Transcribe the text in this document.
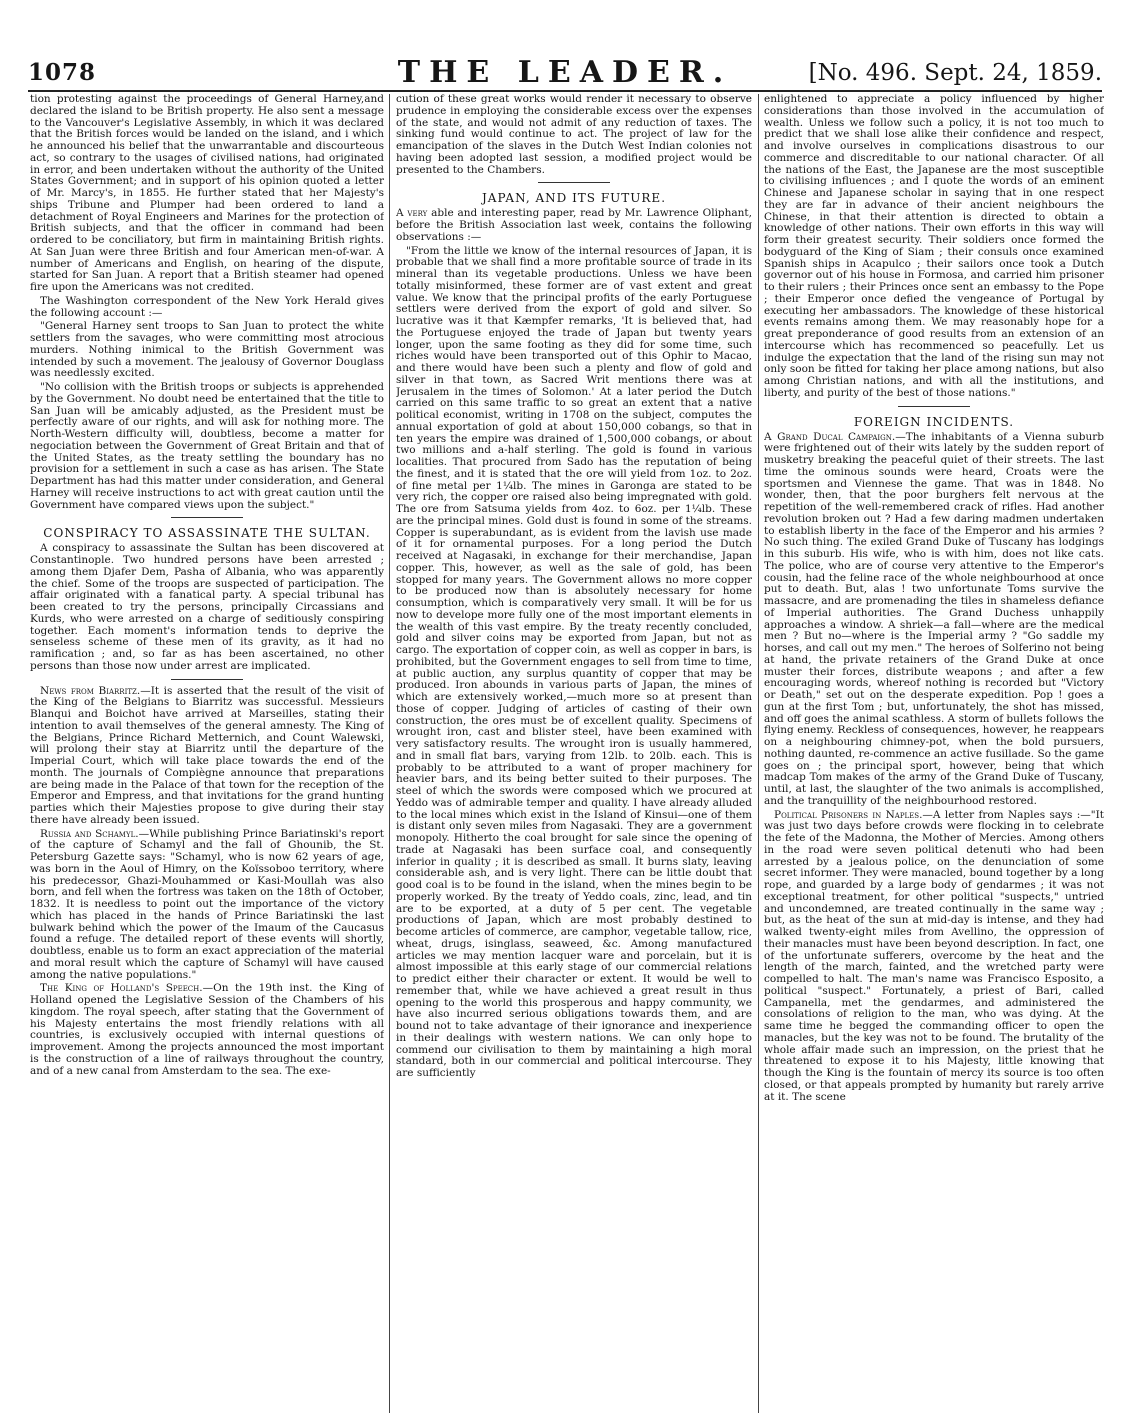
1078	THE LEADER.	[No. 496. Sept. 24, 1859.

tion protesting against the proceedings of General Harney,and declared the island to be British property. He also sent a message to the Vancouver's Legislative Assembly, in which it was declared that the British forces would be landed on the island, and i which he announced his belief that the unwarrantable and discourteous act, so contrary to the usages of civilised nations, had originated in error, and been undertaken without the authority of the United States Government; and in support of his opinion quoted a letter of Mr. Marcy's, in 1855. He further stated that her Majesty's ships Tribune and Plumper had been ordered to land a detachment of Royal Engineers and Marines for the protection of British subjects, and that the officer in command had been ordered to be conciliatory, but firm in maintaining British rights. At San Juan were three British and four American men-of-war. A number of Americans and English, on hearing of the dispute, started for San Juan. A report that a British steamer had opened fire upon the Americans was not credited.

The Washington correspondent of the New York Herald gives the following account :—

"General Harney sent troops to San Juan to protect the white settlers from the savages, who were committing most atrocious murders. Nothing inimical to the British Government was intended by such a movement. The jealousy of Governor Douglass was needlessly excited.

"No collision with the British troops or subjects is apprehended by the Government. No doubt need be entertained that the title to San Juan will be amicably adjusted, as the President must be perfectly aware of our rights, and will ask for nothing more. The North-Western difficulty will, doubtless, become a matter for negociation between the Government of Great Britain and that of the United States, as the treaty settling the boundary has no provision for a settlement in such a case as has arisen. The State Department has had this matter under consideration, and General Harney will receive instructions to act with great caution until the Government have compared views upon the subject."

CONSPIRACY TO ASSASSINATE THE SULTAN.

A conspiracy to assassinate the Sultan has been discovered at Constantinople. Two hundred persons have been arrested ; among them Djafer Dem, Pasha of Albania, who was apparently the chief. Some of the troops are suspected of participation. The affair originated with a fanatical party. A special tribunal has been created to try the persons, principally Circassians and Kurds, who were arrested on a charge of seditiously conspiring together. Each moment's information tends to deprive the senseless scheme of these men of its gravity, as it had no ramification ; and, so far as has been ascertained, no other persons than those now under arrest are implicated.

News from Biarritz.—It is asserted that the result of the visit of the King of the Belgians to Biarritz was successful. Messieurs Blanqui and Boichot have arrived at Marseilles, stating their intention to avail themselves of the general amnesty. The King of the Belgians, Prince Richard Metternich, and Count Walewski, will prolong their stay at Biarritz until the departure of the Imperial Court, which will take place towards the end of the month. The journals of Compiègne announce that preparations are being made in the Palace of that town for the reception of the Emperor and Empress, and that invitations for the grand hunting parties which their Majesties propose to give during their stay there have already been issued.

Russia and Schamyl.—While publishing Prince Bariatinski's report of the capture of Schamyl and the fall of Ghounib, the St. Petersburg Gazette says: "Schamyl, who is now 62 years of age, was born in the Aoul of Himry, on the Koïssoboo territory, where his predecessor, Ghazi-Mouhammed or Kasi-Moullah was also born, and fell when the fortress was taken on the 18th of October, 1832. It is needless to point out the importance of the victory which has placed in the hands of Prince Bariatinski the last bulwark behind which the power of the Imaum of the Caucasus found a refuge. The detailed report of these events will shortly, doubtless, enable us to form an exact appreciation of the material and moral result which the capture of Schamyl will have caused among the native populations."

The King of Holland's Speech.—On the 19th inst. the King of Holland opened the Legislative Session of the Chambers of his kingdom. The royal speech, after stating that the Government of his Majesty entertains the most friendly relations with all countries, is exclusively occupied with internal questions of improvement. Among the projects announced the most important is the construction of a line of railways throughout the country, and of a new canal from Amsterdam to the sea. The exe-

cution of these great works would render it necessary to observe prudence in employing the considerable excess over the expenses of the state, and would not admit of any reduction of taxes. The sinking fund would continue to act. The project of law for the emancipation of the slaves in the Dutch West Indian colonies not having been adopted last session, a modified project would be presented to the Chambers.

JAPAN, AND ITS FUTURE.

A very able and interesting paper, read by Mr. Lawrence Oliphant, before the British Association last week, contains the following observations :—

"From the little we know of the internal resources of Japan, it is probable that we shall find a more profitable source of trade in its mineral than its vegetable productions. Unless we have been totally misinformed, these former are of vast extent and great value. We know that the principal profits of the early Portuguese settlers were derived from the export of gold and silver. So lucrative was it that Kæmpfer remarks, 'It is believed that, had the Portuguese enjoyed the trade of Japan but twenty years longer, upon the same footing as they did for some time, such riches would have been transported out of this Ophir to Macao, and there would have been such a plenty and flow of gold and silver in that town, as Sacred Writ mentions there was at Jerusalem in the times of Solomon.' At a later period the Dutch carried on this same traffic to so great an extent that a native political economist, writing in 1708 on the subject, computes the annual exportation of gold at about 150,000 cobangs, so that in ten years the empire was drained of 1,500,000 cobangs, or about two millions and a-half sterling. The gold is found in various localities. That procured from Sado has the reputation of being the finest, and it is stated that the ore will yield from 1oz. to 2oz. of fine metal per 1¼lb. The mines in Garonga are stated to be very rich, the copper ore raised also being impregnated with gold. The ore from Satsuma yields from 4oz. to 6oz. per 1¼lb. These are the principal mines. Gold dust is found in some of the streams. Copper is superabundant, as is evident from the lavish use made of it for ornamental purposes. For a long period the Dutch received at Nagasaki, in exchange for their merchandise, Japan copper. This, however, as well as the sale of gold, has been stopped for many years. The Government allows no more copper to be produced now than is absolutely necessary for home consumption, which is comparatively very small. It will be for us now to develope more fully one of the most important elements in the wealth of this vast empire. By the treaty recently concluded, gold and silver coins may be exported from Japan, but not as cargo. The exportation of copper coin, as well as copper in bars, is prohibited, but the Government engages to sell from time to time, at public auction, any surplus quantity of copper that may be produced. Iron abounds in various parts of Japan, the mines of which are extensively worked,—much more so at present than those of copper. Judging of articles of casting of their own construction, the ores must be of excellent quality. Specimens of wrought iron, cast and blister steel, have been examined with very satisfactory results. The wrought iron is usually hammered, and in small flat bars, varying from 12lb. to 20lb. each. This is probably to be attributed to a want of proper machinery for heavier bars, and its being better suited to their purposes. The steel of which the swords were composed which we procured at Yeddo was of admirable temper and quality. I have already alluded to the local mines which exist in the Island of Kinsui—one of them is distant only seven miles from Nagasaki. They are a government monopoly. Hitherto the coal brought for sale since the opening of trade at Nagasaki has been surface coal, and consequently inferior in quality ; it is described as small. It burns slaty, leaving considerable ash, and is very light. There can be little doubt that good coal is to be found in the island, when the mines begin to be properly worked. By the treaty of Yeddo coals, zinc, lead, and tin are to be exported, at a duty of 5 per cent. The vegetable productions of Japan, which are most probably destined to become articles of commerce, are camphor, vegetable tallow, rice, wheat, drugs, isinglass, seaweed, &c. Among manufactured articles we may mention lacquer ware and porcelain, but it is almost impossible at this early stage of our commercial relations to predict either their character or extent. It would be well to remember that, while we have achieved a great result in thus opening to the world this prosperous and happy community, we have also incurred serious obligations towards them, and are bound not to take advantage of their ignorance and inexperience in their dealings with western nations. We can only hope to commend our civilisation to them by maintaining a high moral standard, both in our commercial and political intercourse. They are sufficiently

enlightened to appreciate a policy influenced by higher considerations than those involved in the accumulation of wealth. Unless we follow such a policy, it is not too much to predict that we shall lose alike their confidence and respect, and involve ourselves in complications disastrous to our commerce and discreditable to our national character. Of all the nations of the East, the Japanese are the most susceptible to civilising influences ; and I quote the words of an eminent Chinese and Japanese scholar in saying that in one respect they are far in advance of their ancient neighbours the Chinese, in that their attention is directed to obtain a knowledge of other nations. Their own efforts in this way will form their greatest security. Their soldiers once formed the bodyguard of the King of Siam ; their consuls once examined Spanish ships in Acapulco ; their sailors once took a Dutch governor out of his house in Formosa, and carried him prisoner to their rulers ; their Princes once sent an embassy to the Pope ; their Emperor once defied the vengeance of Portugal by executing her ambassadors. The knowledge of these historical events remains among them. We may reasonably hope for a great preponderance of good results from an extension of an intercourse which has recommenced so peacefully. Let us indulge the expectation that the land of the rising sun may not only soon be fitted for taking her place among nations, but also among Christian nations, and with all the institutions, and liberty, and purity of the best of those nations."

FOREIGN INCIDENTS.

A Grand Ducal Campaign.—The inhabitants of a Vienna suburb were frightened out of their wits lately by the sudden report of musketry breaking the peaceful quiet of their streets. The last time the ominous sounds were heard, Croats were the sportsmen and Viennese the game. That was in 1848. No wonder, then, that the poor burghers felt nervous at the repetition of the well-remembered crack of rifles. Had another revolution broken out ? Had a few daring madmen undertaken to establish liberty in the face of the Emperor and his armies ? No such thing. The exiled Grand Duke of Tuscany has lodgings in this suburb. His wife, who is with him, does not like cats. The police, who are of course very attentive to the Emperor's cousin, had the feline race of the whole neighbourhood at once put to death. But, alas ! two unfortunate Toms survive the massacre, and are promenading the tiles in shameless defiance of Imperial authorities. The Grand Duchess unhappily approaches a window. A shriek—a fall—where are the medical men ? But no—where is the Imperial army ? "Go saddle my horses, and call out my men." The heroes of Solferino not being at hand, the private retainers of the Grand Duke at once muster their forces, distribute weapons ; and after a few encouraging words, whereof nothing is recorded but "Victory or Death," set out on the desperate expedition. Pop ! goes a gun at the first Tom ; but, unfortunately, the shot has missed, and off goes the animal scathless. A storm of bullets follows the flying enemy. Reckless of consequences, however, he reappears on a neighbouring chimney-pot, when the bold pursuers, nothing daunted, re-commence an active fusillade. So the game goes on ; the principal sport, however, being that which madcap Tom makes of the army of the Grand Duke of Tuscany, until, at last, the slaughter of the two animals is accomplished, and the tranquillity of the neighbourhood restored.

Political Prisoners in Naples.—A letter from Naples says :—"It was just two days before crowds were flocking in to celebrate the fete of the Madonna, the Mother of Mercies. Among others in the road were seven political detenuti who had been arrested by a jealous police, on the denunciation of some secret informer. They were manacled, bound together by a long rope, and guarded by a large body of gendarmes ; it was not exceptional treatment, for other political "suspects," untried and uncondemned, are treated continually in the same way ; but, as the heat of the sun at mid-day is intense, and they had walked twenty-eight miles from Avellino, the oppression of their manacles must have been beyond description. In fact, one of the unfortunate sufferers, overcome by the heat and the length of the march, fainted, and the wretched party were compelled to halt. The man's name was Francisco Esposito, a political "suspect." Fortunately, a priest of Bari, called Campanella, met the gendarmes, and administered the consolations of religion to the man, who was dying. At the same time he begged the commanding officer to open the manacles, but the key was not to be found. The brutality of the whole affair made such an impression, on the priest that he threatened to expose it to his Majesty, little knowing that though the King is the fountain of mercy its source is too often closed, or that appeals prompted by humanity but rarely arrive at it. The scene
